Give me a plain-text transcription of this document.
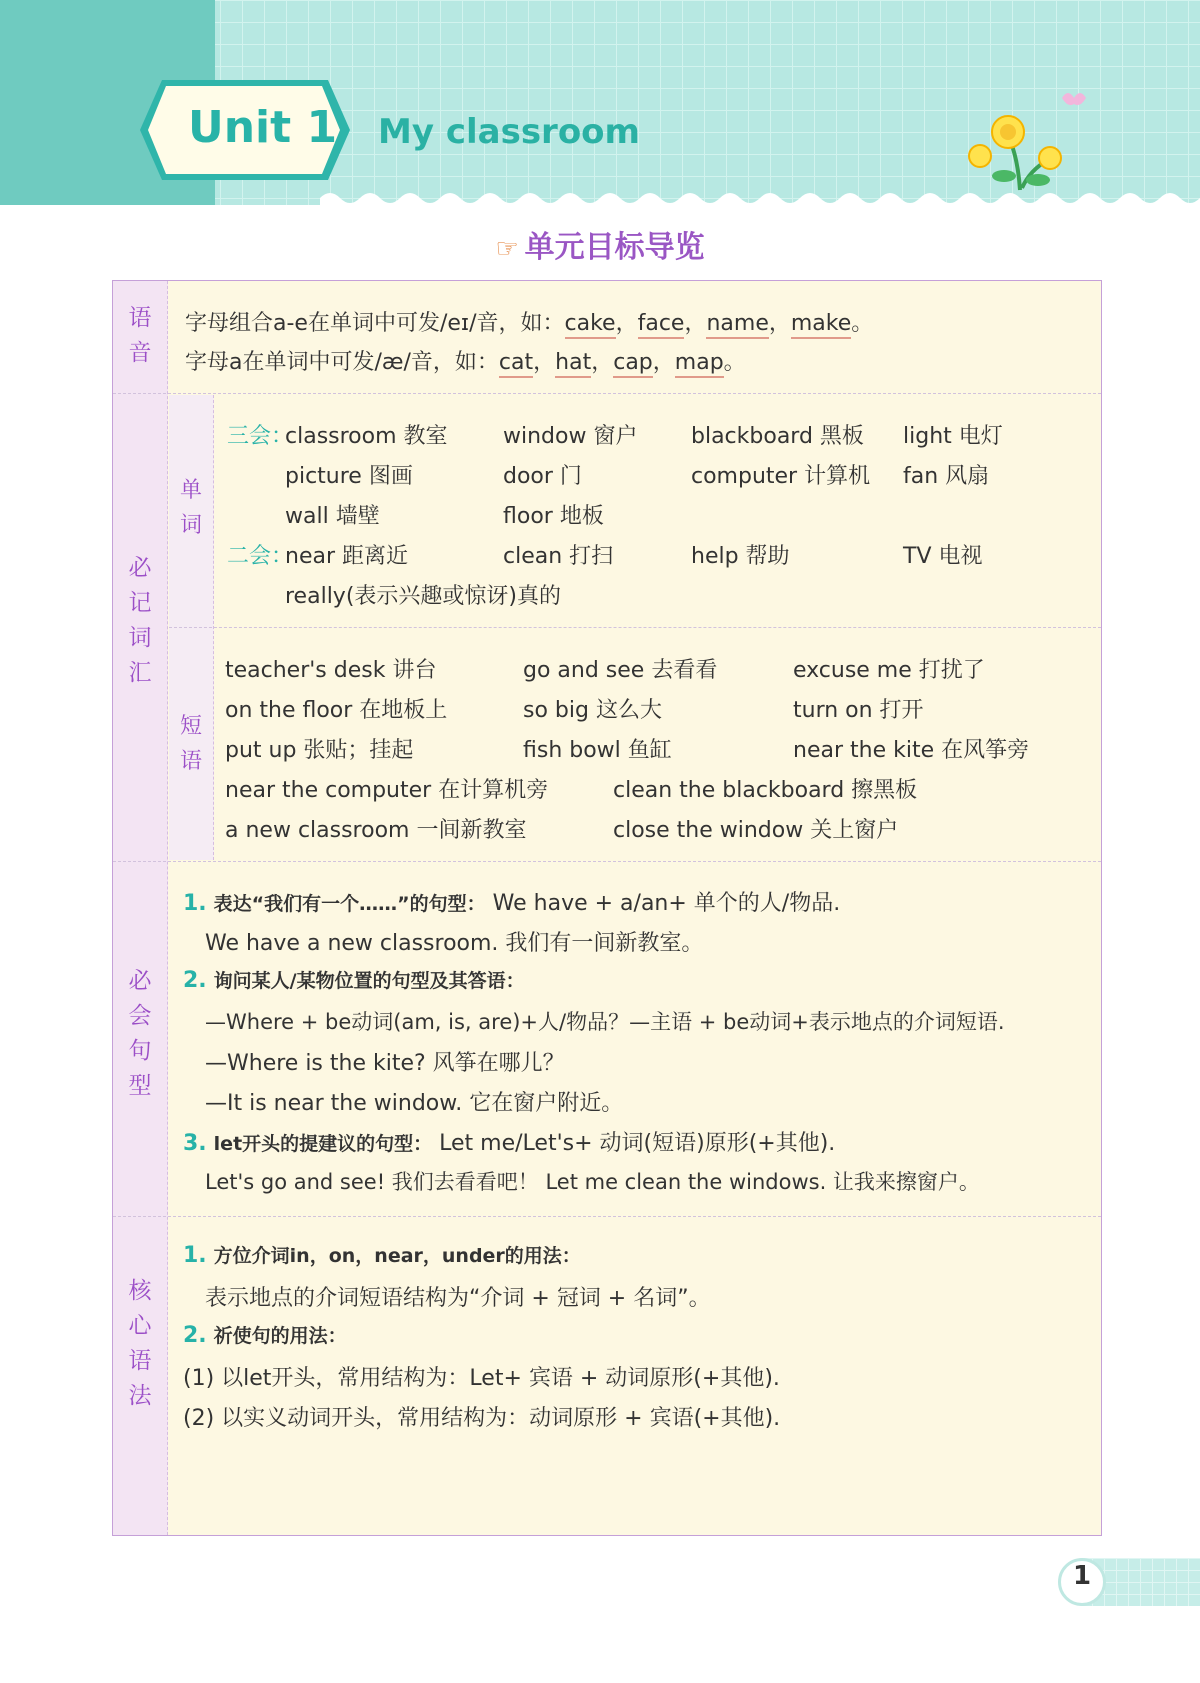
Unit 1 My classroom
☞ 单元目标导览
语
音
字母组合a-e在单词中可发/eɪ/音，如：cake，face，name，make。
字母a在单词中可发/æ/音，如：cat，hat，cap，map。
必
记
词
汇
单
词
短
语
三会：
classroom 教室	window 窗户 blackboard 黑板 light 电灯
picture 图画	door 门	computer 计算机 fan 风扇
wall 墙壁	floor 地板
二会：
near 距离近	clean 打扫	help 帮助	TV 电视
really(表示兴趣或惊讶)真的
teacher's desk 讲台	go and see 去看看	excuse me 打扰了
on the floor 在地板上	so big 这么大	turn on 打开
put up 张贴；挂起	fish bowl 鱼缸	near the kite 在风筝旁
near the computer 在计算机旁	clean the blackboard 擦黑板
a new classroom 一间新教室	close the window 关上窗户
必
会
句
型
1. 表达“我们有一个……”的句型： We have + a/an+ 单个的人/物品.
We have a new classroom. 我们有一间新教室。
2. 询问某人/某物位置的句型及其答语：
—Where + be动词(am, is, are)+人/物品？—主语 + be动词+表示地点的介词短语.
—Where is the kite? 风筝在哪儿？
—It is near the window. 它在窗户附近。
3. let开头的提建议的句型： Let me/Let's+ 动词(短语)原形(+其他).
Let's go and see! 我们去看看吧！ Let me clean the windows. 让我来擦窗户。
核
心
语
法
1. 方位介词in，on，near，under的用法：
表示地点的介词短语结构为“介词 + 冠词 + 名词”。
2. 祈使句的用法：
(1) 以let开头，常用结构为：Let+ 宾语 + 动词原形(+其他).
(2) 以实义动词开头，常用结构为：动词原形 + 宾语(+其他).
1
